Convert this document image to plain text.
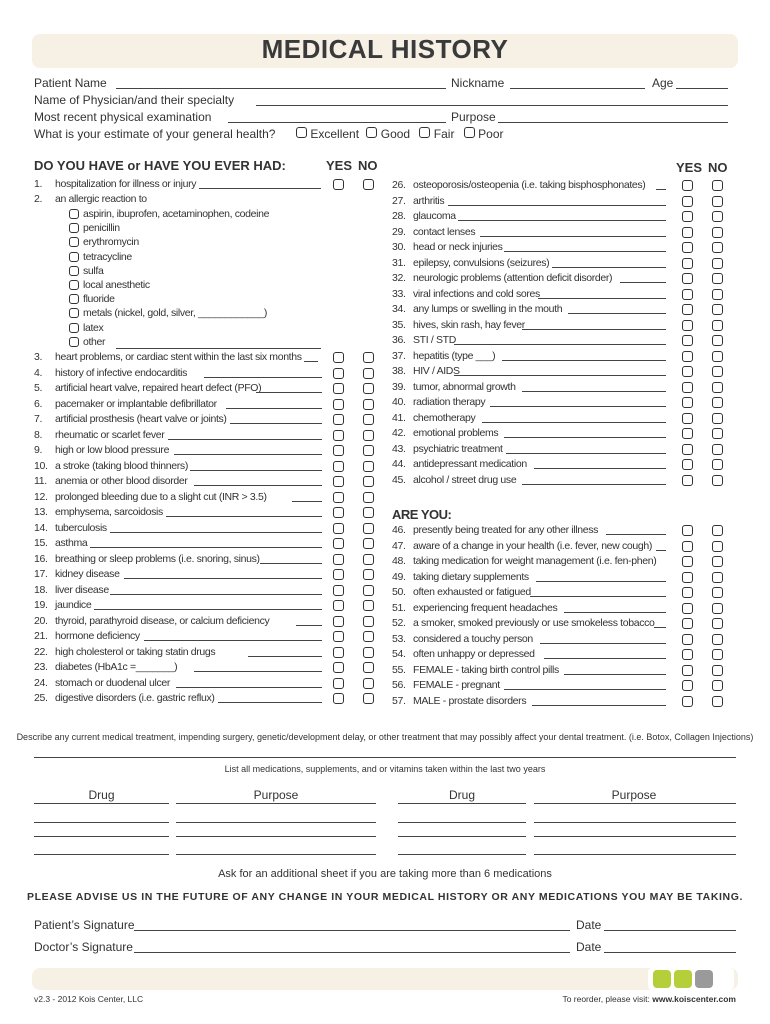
MEDICAL HISTORY
Patient Name	Nickname	Age
Name of Physician/and their specialty
Most recent physical examination	Purpose
What is your estimate of your general health?	Excellent Good Fair Poor
DO YOU HAVE or HAVE YOU EVER HAD:	YES NO
1. hospitalization for illness or injury
2. an allergic reaction to
aspirin, ibuprofen, acetaminophen, codeine
penicillin
erythromycin
tetracycline
sulfa
local anesthetic
fluoride
metals (nickel, gold, silver, ____________)
latex
other
3. heart problems, or cardiac stent within the last six months
4. history of infective endocarditis
5. artificial heart valve, repaired heart defect (PFO)
6. pacemaker or implantable defibrillator
7. artificial prosthesis (heart valve or joints)
8. rheumatic or scarlet fever
9. high or low blood pressure
10. a stroke (taking blood thinners)
11. anemia or other blood disorder
12. prolonged bleeding due to a slight cut (INR > 3.5)
13. emphysema, sarcoidosis
14. tuberculosis
15. asthma
16. breathing or sleep problems (i.e. snoring, sinus)
17. kidney disease
18. liver disease
19. jaundice
20. thyroid, parathyroid disease, or calcium deficiency
21. hormone deficiency
22. high cholesterol or taking statin drugs
23. diabetes (HbA1c =_______)
24. stomach or duodenal ulcer
25. digestive disorders (i.e. gastric reflux)
YES NO
26. osteoporosis/osteopenia (i.e. taking bisphosphonates)
27. arthritis
28. glaucoma
29. contact lenses
30. head or neck injuries
31. epilepsy, convulsions (seizures)
32. neurologic problems (attention deficit disorder)
33. viral infections and cold sores
34. any lumps or swelling in the mouth
35. hives, skin rash, hay fever
36. STI / STD
37. hepatitis (type ___)
38. HIV / AIDS
39. tumor, abnormal growth
40. radiation therapy
41. chemotherapy
42. emotional problems
43. psychiatric treatment
44. antidepressant medication
45. alcohol / street drug use
ARE YOU:
46. presently being treated for any other illness
47. aware of a change in your health (i.e. fever, new cough)
48. taking medication for weight management (i.e. fen-phen)
49. taking dietary supplements
50. often exhausted or fatigued
51. experiencing frequent headaches
52. a smoker, smoked previously or use smokeless tobacco
53. considered a touchy person
54. often unhappy or depressed
55. FEMALE - taking birth control pills
56. FEMALE - pregnant
57. MALE - prostate disorders
Describe any current medical treatment, impending surgery, genetic/development delay, or other treatment that may possibly affect your dental treatment. (i.e. Botox, Collagen Injections)
List all medications, supplements, and or vitamins taken within the last two years
Drug	Purpose	Drug	Purpose
Ask for an additional sheet if you are taking more than 6 medications
PLEASE ADVISE US IN THE FUTURE OF ANY CHANGE IN YOUR MEDICAL HISTORY OR ANY MEDICATIONS YOU MAY BE TAKING.
Patient’s Signature	Date
Doctor’s Signature	Date
v2.3 - 2012 Kois Center, LLC	To reorder, please visit: www.koiscenter.com
